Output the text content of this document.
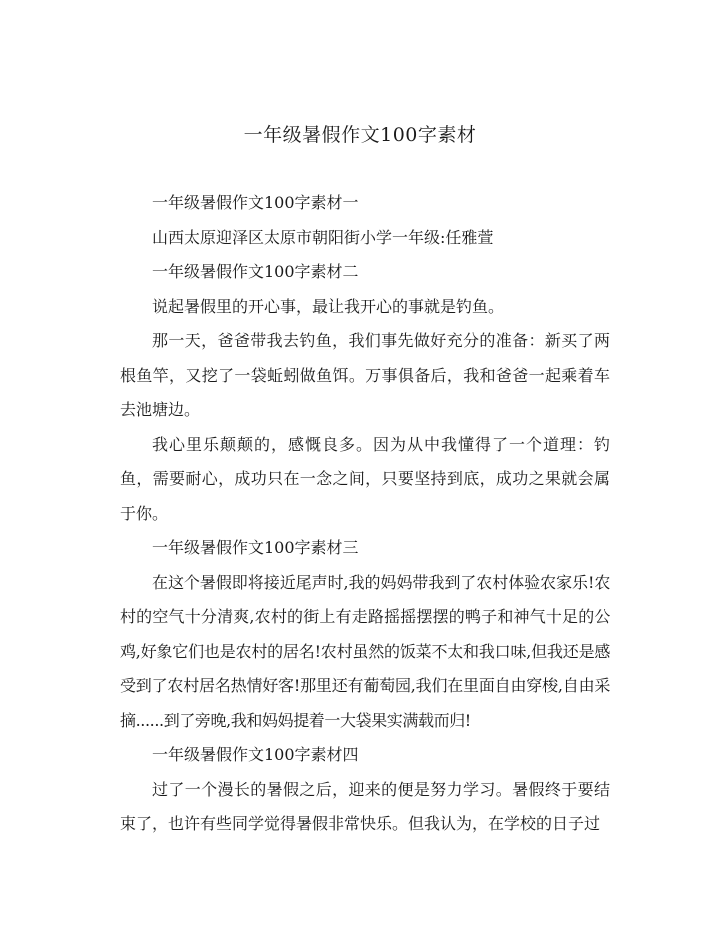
一年级暑假作文100字素材

一年级暑假作文100字素材一

山西太原迎泽区太原市朝阳街小学一年级:任雅萱

一年级暑假作文100字素材二

说起暑假里的开心事，最让我开心的事就是钓鱼。

那一天，爸爸带我去钓鱼，我们事先做好充分的准备：新买了两根鱼竿，又挖了一袋蚯蚓做鱼饵。万事俱备后，我和爸爸一起乘着车去池塘边。

我心里乐颠颠的，感慨良多。因为从中我懂得了一个道理：钓鱼，需要耐心，成功只在一念之间，只要坚持到底，成功之果就会属于你。

一年级暑假作文100字素材三

在这个暑假即将接近尾声时,我的妈妈带我到了农村体验农家乐!农村的空气十分清爽,农村的街上有走路摇摇摆摆的鸭子和神气十足的公鸡,好象它们也是农村的居名!农村虽然的饭菜不太和我口味,但我还是感受到了农村居名热情好客!那里还有葡萄园,我们在里面自由穿梭,自由采摘......到了旁晚,我和妈妈提着一大袋果实满载而归!

一年级暑假作文100字素材四

过了一个漫长的暑假之后，迎来的便是努力学习。暑假终于要结束了，也许有些同学觉得暑假非常快乐。但我认为，在学校的日子过
